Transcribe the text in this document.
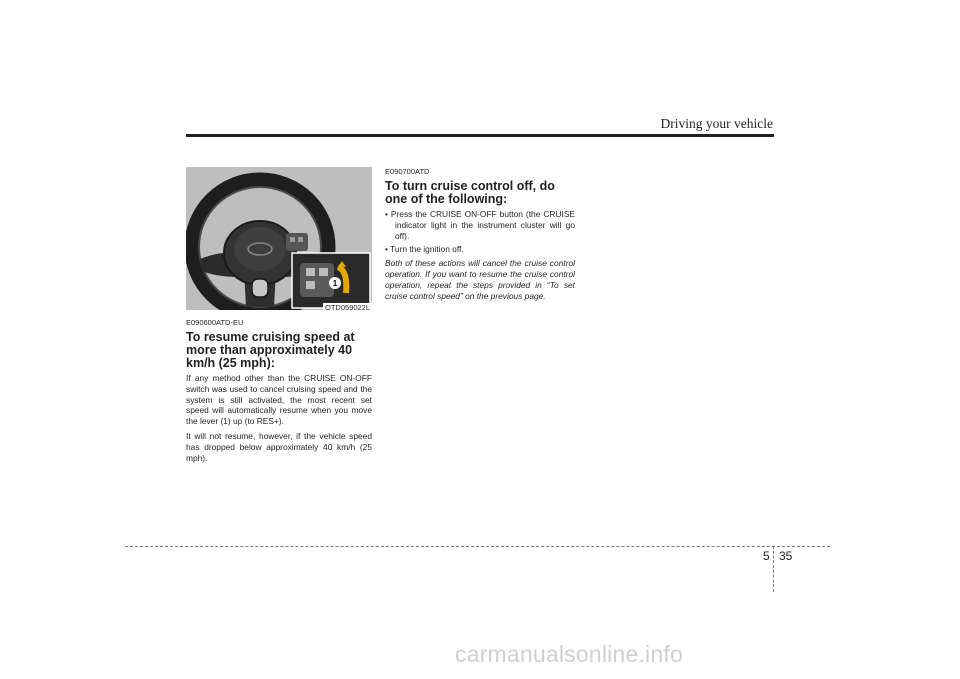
Driving your vehicle
1
OTD059022L
E090600ATD-EU
To resume cruising speed at more than approximately 40 km/h (25 mph):

If any method other than the CRUISE ON-OFF switch was used to cancel cruising speed and the system is still activated, the most recent set speed will automatically resume when you move the lever (1) up (to RES+).

It will not resume, however, if the vehicle speed has dropped below approximately 40 km/h (25 mph).

E090700ATD
To turn cruise control off, do one of the following:
• Press the CRUISE ON-OFF button (the CRUISE indicator light in the instrument cluster will go off).
• Turn the ignition off.

Both of these actions will cancel the cruise control operation. If you want to resume the cruise control operation, repeat the steps provided in “To set cruise control speed” on the previous page.

5 35
carmanualsonline.info
